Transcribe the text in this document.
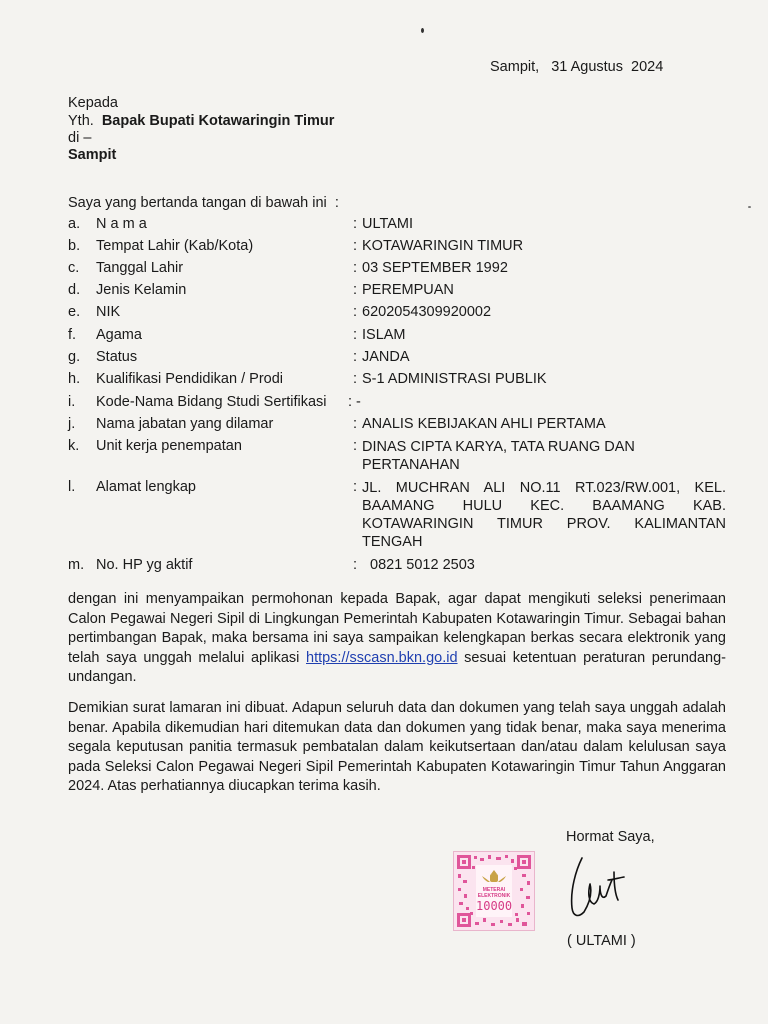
Sampit,   31 Agustus  2024
Kepada
Yth. Bapak Bupati Kotawaringin Timur
di –
Sampit
Saya yang bertanda tangan di bawah ini  :
a. N a m a	: ULTAMI
b. Tempat Lahir (Kab/Kota)	: KOTAWARINGIN TIMUR
c. Tanggal Lahir	: 03 SEPTEMBER 1992
d. Jenis Kelamin	: PEREMPUAN
e. NIK	: 6202054309920002
f. Agama	: ISLAM
g. Status	: JANDA
h. Kualifikasi Pendidikan / Prodi	: S-1 ADMINISTRASI PUBLIK
i. Kode-Nama Bidang Studi Sertifikasi : -
j. Nama jabatan yang dilamar	: ANALIS KEBIJAKAN AHLI PERTAMA
k. Unit kerja penempatan	: DINAS CIPTA KARYA, TATA RUANG DAN PERTANAHAN
l. Alamat lengkap	: JL. MUCHRAN ALI NO.11 RT.023/RW.001, KEL. BAAMANG HULU KEC. BAAMANG KAB. KOTAWARINGIN TIMUR PROV. KALIMANTAN TENGAH
m. No. HP yg aktif	: 0821 5012 2503
dengan ini menyampaikan permohonan kepada Bapak, agar dapat mengikuti seleksi penerimaan Calon Pegawai Negeri Sipil di Lingkungan Pemerintah Kabupaten Kotawaringin Timur. Sebagai bahan pertimbangan Bapak, maka bersama ini saya sampaikan kelengkapan berkas secara elektronik yang telah saya unggah melalui aplikasi https://sscasn.bkn.go.id sesuai ketentuan peraturan perundang-undangan.
Demikian surat lamaran ini dibuat. Adapun seluruh data dan dokumen yang telah saya unggah adalah benar. Apabila dikemudian hari ditemukan data dan dokumen yang tidak benar, maka saya menerima segala keputusan panitia termasuk pembatalan dalam keikutsertaan dan/atau dalam kelulusan saya pada Seleksi Calon Pegawai Negeri Sipil Pemerintah Kabupaten Kotawaringin Timur Tahun Anggaran 2024. Atas perhatiannya diucapkan terima kasih.
Hormat Saya,
METERAI ELEKTRONIK
10000
( ULTAMI )
